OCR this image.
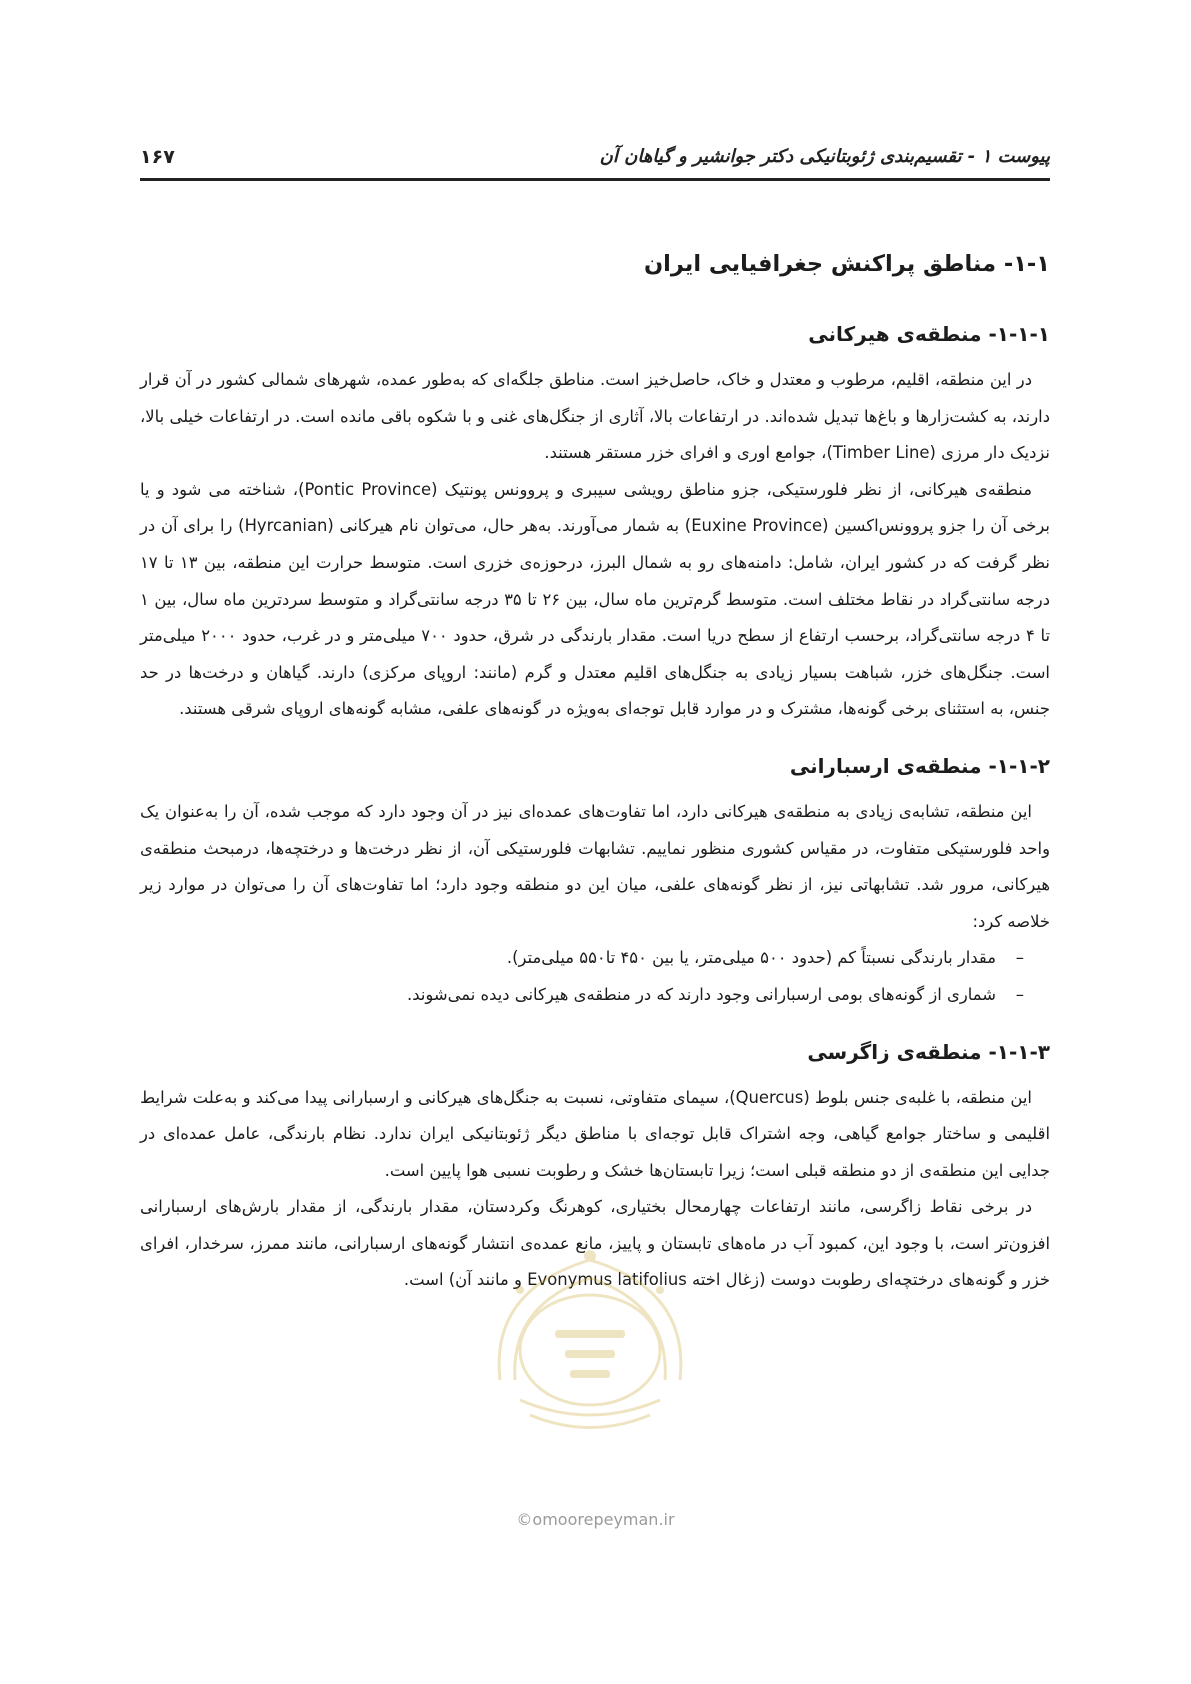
پیوست ۱ - تقسیم‌بندی ژئوبتانیکی دکتر جوانشیر و گیاهان آن
۱۶۷
۱-۱- مناطق پراکنش جغرافیایی ایران
۱-۱-۱- منطقه‌ی هیرکانی

در این منطقه، اقلیم، مرطوب و معتدل و خاک، حاصل‌خیز است. مناطق جلگه‌ای که به‌طور عمده، شهرهای شمالی کشور در آن قرار دارند، به کشت‌زارها و باغ‌ها تبدیل شده‌اند. در ارتفاعات بالا، آثاری از جنگل‌های غنی و با شکوه باقی مانده است. در ارتفاعات خیلی بالا، نزدیک دار مرزی (Timber Line)، جوامع اوری و افرای خزر مستقر هستند.

منطقه‌ی هیرکانی، از نظر فلورستیکی، جزو مناطق رویشی سیبری و پروونس پونتیک (Pontic Province)، شناخته می شود و یا برخی آن را جزو پروونس‌اکسین (Euxine Province) به شمار می‌آورند. به‌هر حال، می‌توان نام هیرکانی (Hyrcanian) را برای آن در نظر گرفت که در کشور ایران، شامل: دامنه‌های رو به شمال البرز، درحوزه‌ی خزری است. متوسط حرارت این منطقه، بین ۱۳ تا ۱۷ درجه سانتی‌گراد در نقاط مختلف است. متوسط گرم‌ترین ماه سال، بین ۲۶ تا ۳۵ درجه سانتی‌گراد و متوسط سردترین ماه سال، بین ۱ تا ۴ درجه سانتی‌گراد، برحسب ارتفاع از سطح دریا است. مقدار بارندگی در شرق، حدود ۷۰۰ میلی‌متر و در غرب، حدود ۲۰۰۰ میلی‌متر است. جنگل‌های خزر، شباهت بسیار زیادی به جنگل‌های اقلیم معتدل و گرم (مانند: اروپای مرکزی) دارند. گیاهان و درخت‌ها در حد جنس، به استثنای برخی گونه‌ها، مشترک و در موارد قابل توجه‌ای به‌ویژه در گونه‌های علفی، مشابه گونه‌های اروپای شرقی هستند.

۱-۱-۲- منطقه‌ی ارسبارانی

این منطقه، تشابه‌ی زیادی به منطقه‌ی هیرکانی دارد، اما تفاوت‌های عمده‌ای نیز در آن وجود دارد که موجب شده، آن را به‌عنوان یک واحد فلورستیکی متفاوت، در مقیاس کشوری منظور نماییم. تشابهات فلورستیکی آن، از نظر درخت‌ها و درختچه‌ها، درمبحث منطقه‌ی هیرکانی، مرور شد. تشابهاتی نیز، از نظر گونه‌های علفی، میان این دو منطقه وجود دارد؛ اما تفاوت‌های آن را می‌توان در موارد زیر خلاصه کرد:

–مقدار بارندگی نسبتاً کم (حدود ۵۰۰ میلی‌متر، یا بین ۴۵۰ تا۵۵۰ میلی‌متر).
–شماری از گونه‌های بومی ارسبارانی وجود دارند که در منطقه‌ی هیرکانی دیده نمی‌شوند.
۱-۱-۳- منطقه‌ی زاگرسی

این منطقه، با غلبه‌ی جنس بلوط (Quercus)، سیمای متفاوتی، نسبت به جنگل‌های هیرکانی و ارسبارانی پیدا می‌کند و به‌علت شرایط اقلیمی و ساختار جوامع گیاهی، وجه اشتراک قابل توجه‌ای با مناطق دیگر ژئوبتانیکی ایران ندارد. نظام بارندگی، عامل عمده‌ای در جدایی این منطقه‌ی از دو منطقه قبلی است؛ زیرا تابستان‌ها خشک و رطوبت نسبی هوا پایین است.

در برخی نقاط زاگرسی، مانند ارتفاعات چهارمحال بختیاری، کوهرنگ وکردستان، مقدار بارندگی، از مقدار بارش‌های ارسبارانی افزون‌تر است، با وجود این، کمبود آب در ماه‌های تابستان و پاییز، مانع عمده‌ی انتشار گونه‌های ارسبارانی، مانند ممرز، سرخدار، افرای خزر و گونه‌های درختچه‌ای رطوبت دوست (زغال اخته Evonymus latifolius و مانند آن) است.

©omoorepeyman.ir
